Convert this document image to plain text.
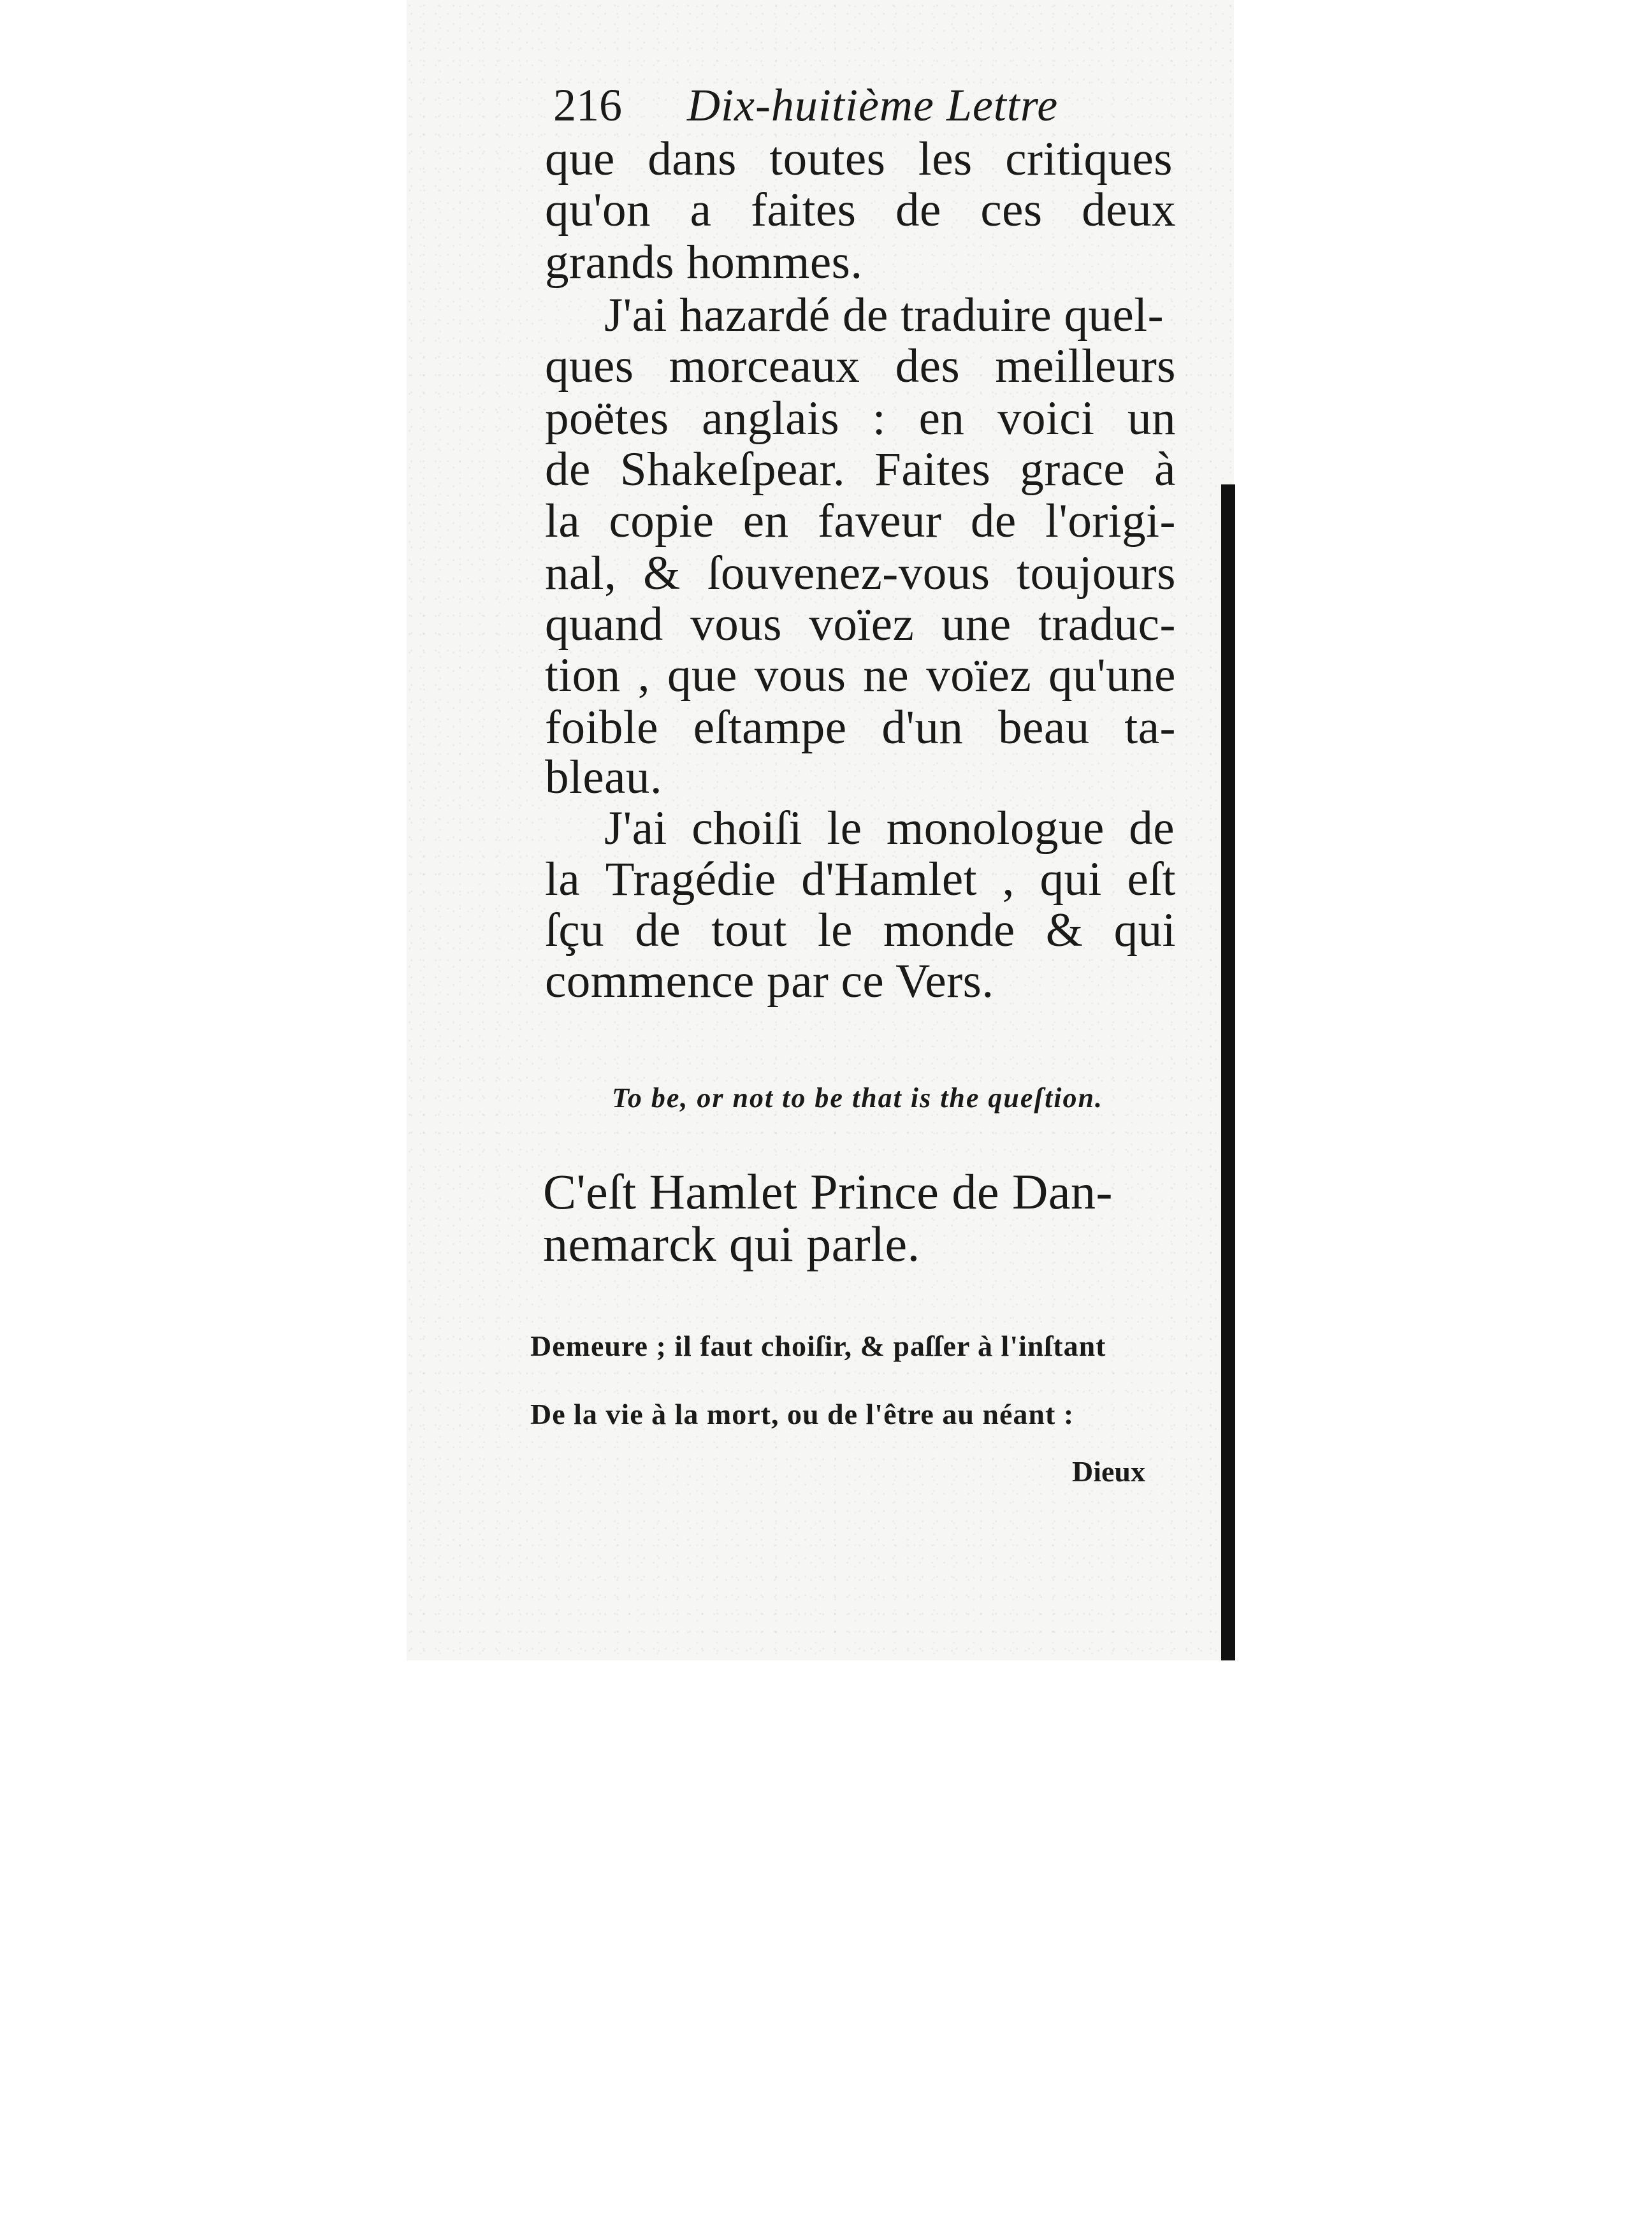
216 Dix-huitième Lettre
que dans toutes les critiques
qu'on a faites de ces deux
grands hommes.
J'ai hazardé de traduire quel-
ques morceaux des meilleurs
poëtes anglais : en voici un
de Shakeſpear. Faites grace à
la copie en faveur de l'origi-
nal, & ſouvenez-vous toujours
quand vous voïez une traduc-
tion , que vous ne voïez qu'une
foible eſtampe d'un beau ta-
bleau.
J'ai choiſi le monologue de
la Tragédie d'Hamlet , qui eſt
ſçu de tout le monde & qui
commence par ce Vers.
To be, or not to be that is the queſtion.
C'eſt Hamlet Prince de Dan-
nemarck qui parle.
Demeure ; il faut choiſir, & paſſer à l'inſtant
De la vie à la mort, ou de l'être au néant :
Dieux
